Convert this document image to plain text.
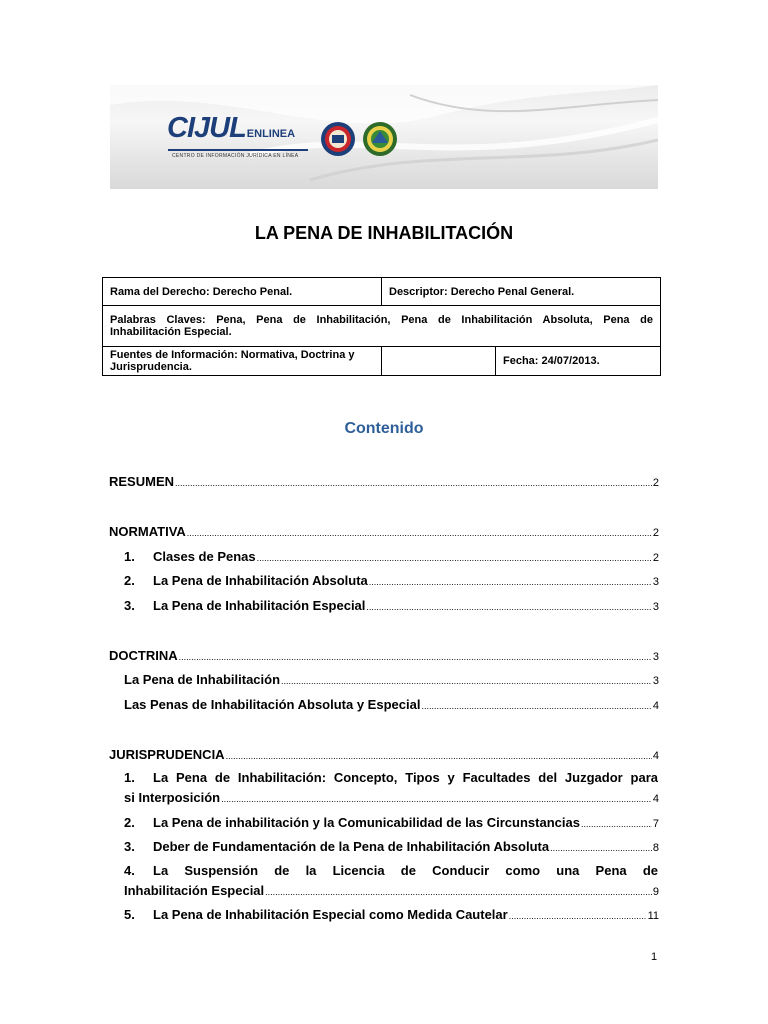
CIJULENLINEA
CENTRO DE INFORMACIÓN JURÍDICA EN LÍNEA
LA PENA DE INHABILITACIÓN
Rama del Derecho: Derecho Penal.	Descriptor: Derecho Penal General.

Palabras Claves: Pena, Pena de Inhabilitación, Pena de Inhabilitación Absoluta, Pena de
Inhabilitación Especial.	

Fuentes de Información: Normativa, Doctrina y Jurisprudencia.	Fecha: 24/07/2013.
Contenido
RESUMEN .....	2
NORMATIVA .....	2
1.	Clases de Penas .....	2
2.	La Pena de Inhabilitación Absoluta .....	3
3.	La Pena de Inhabilitación Especial .....	3
DOCTRINA .....	3
La Pena de Inhabilitación .....	3
Las Penas de Inhabilitación Absoluta y Especial .....	4
JURISPRUDENCIA .....	4
1.	La Pena de Inhabilitación: Concepto, Tipos y Facultades del Juzgador para
si Interposición .....	4
2.	La Pena de inhabilitación y la Comunicabilidad de las Circunstancias .....	7
3.	Deber de Fundamentación de la Pena de Inhabilitación Absoluta .....	8
4.	La Suspensión de la Licencia de Conducir como una Pena de
Inhabilitación Especial .....	9
5.	La Pena de Inhabilitación Especial como Medida Cautelar .....	11
1
